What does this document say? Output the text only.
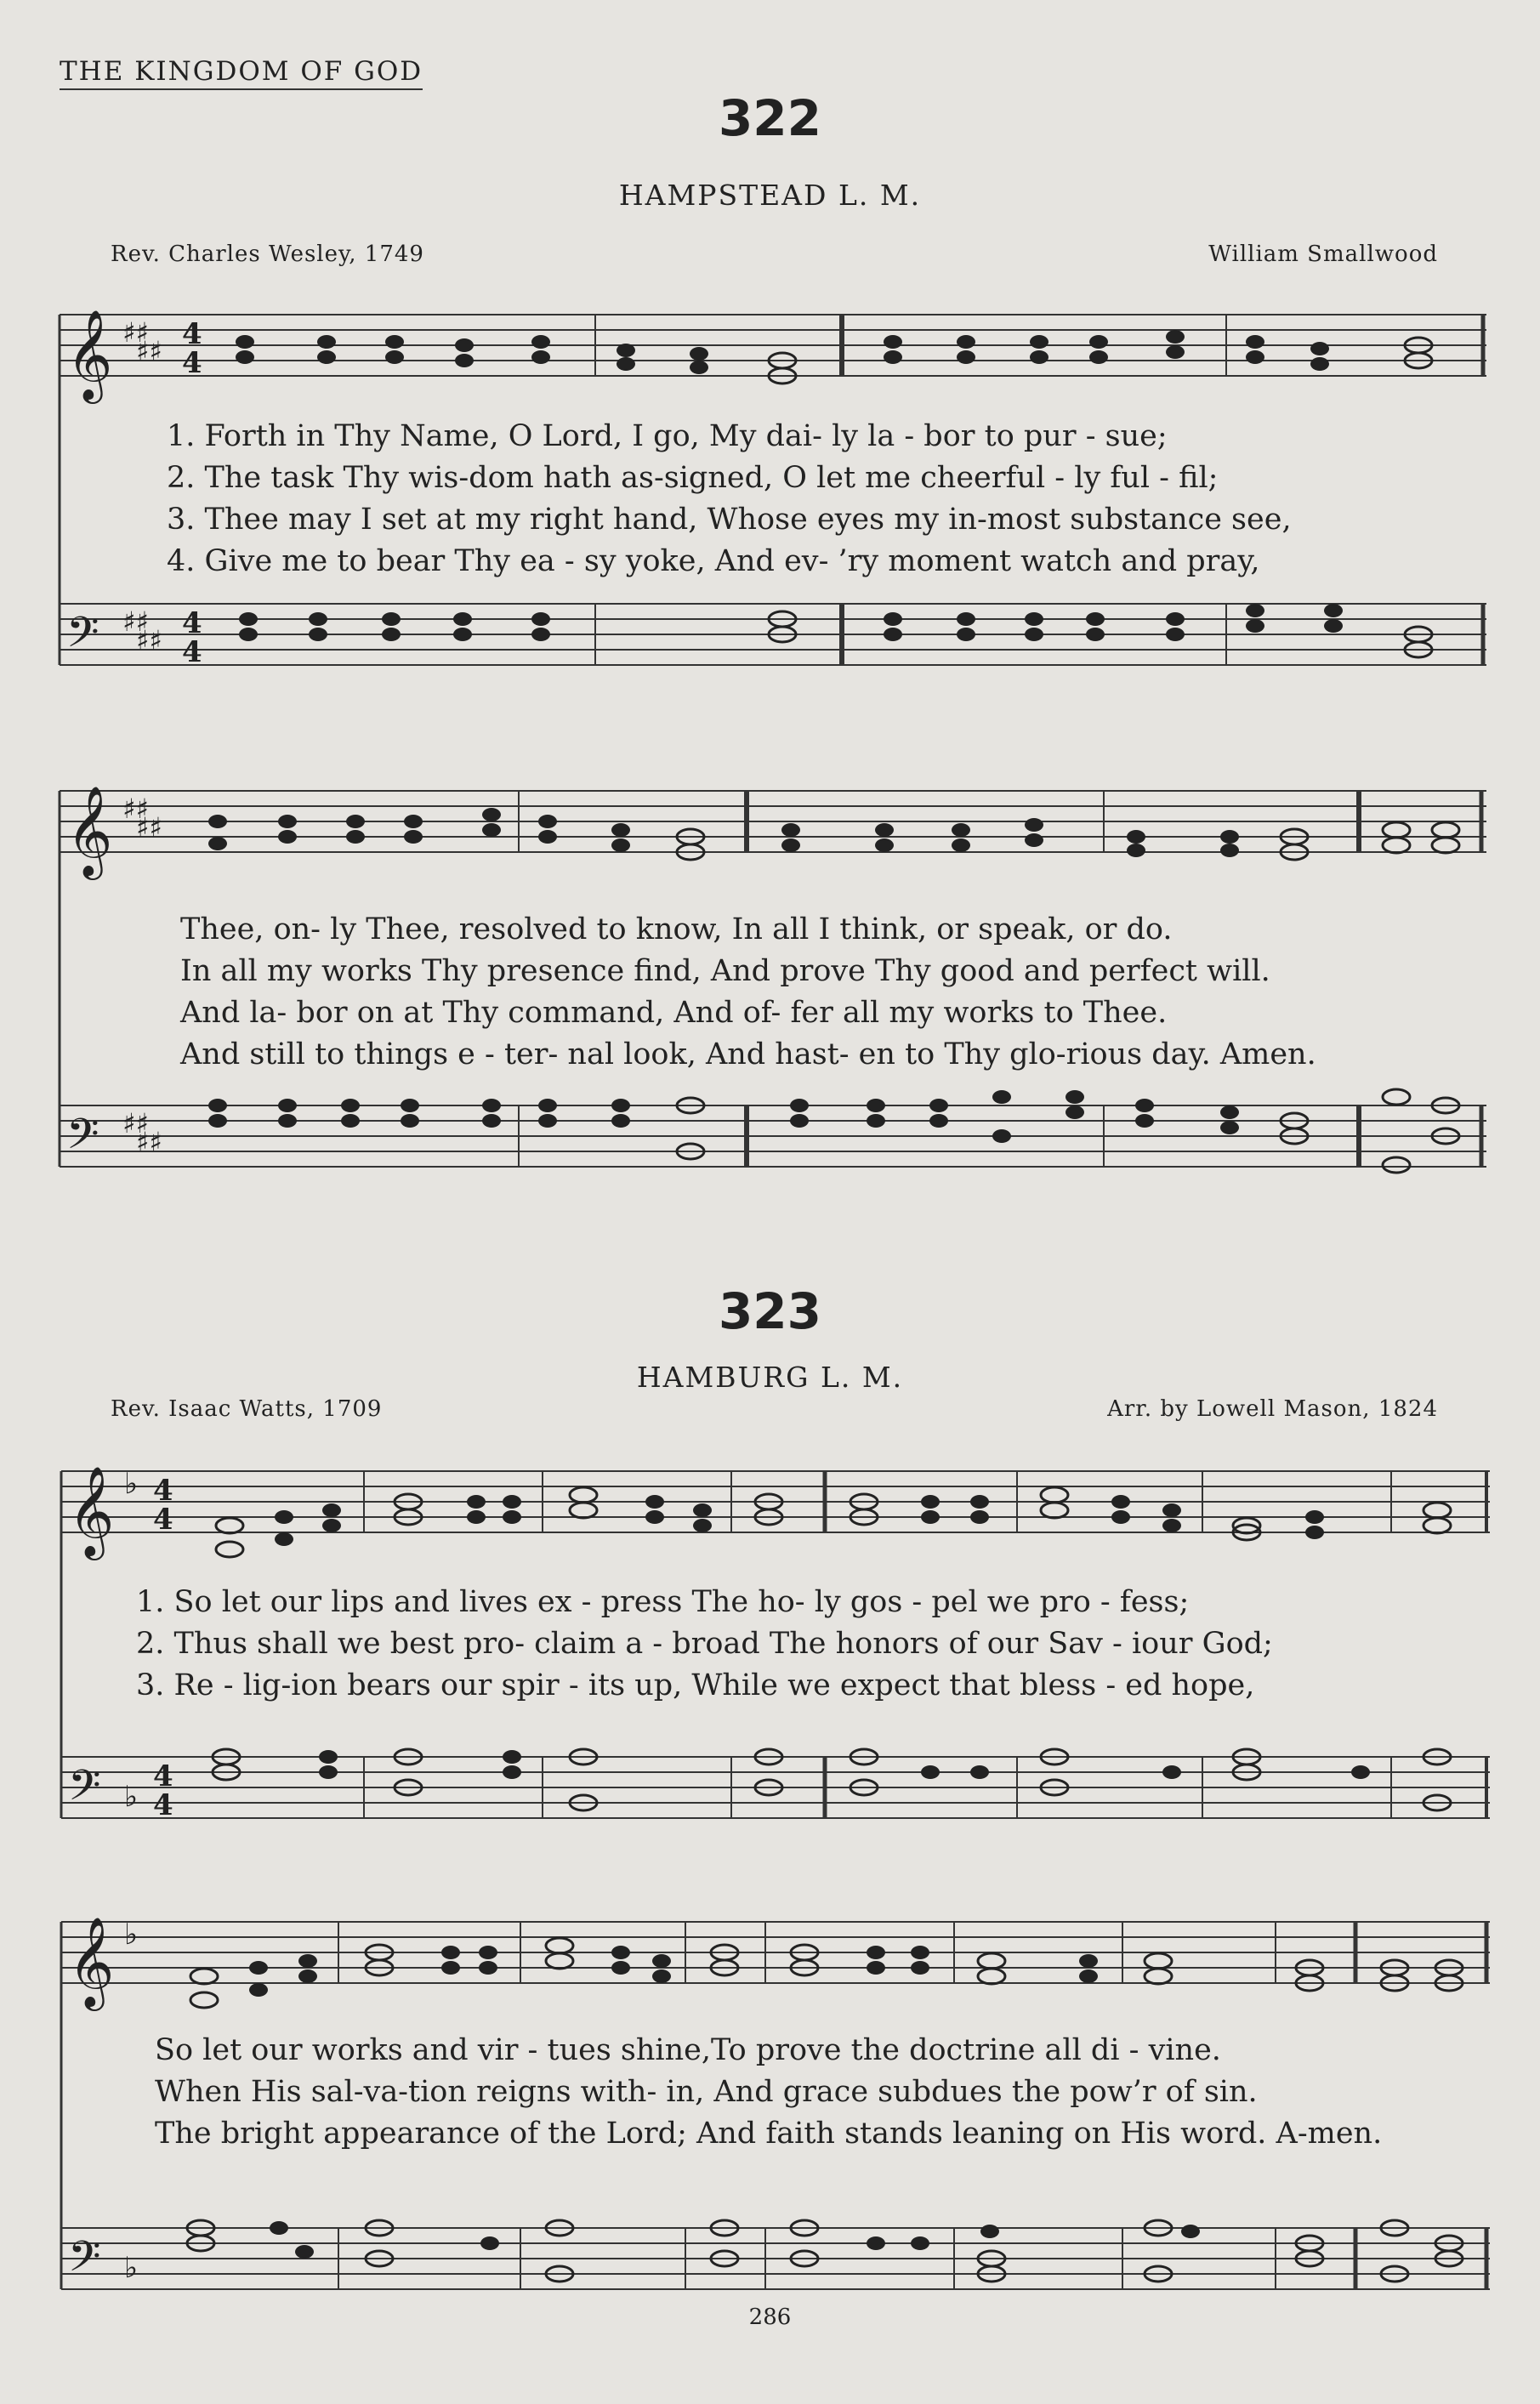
THE KINGDOM OF GOD
322
HAMPSTEAD L. M.
Rev. Charles Wesley, 1749	William Smallwood
𝄞
𝄢
♯♯
♯♯
♯♯
♯♯
4
4
4
4
1. Forth in Thy Name, O Lord, I go, My dai- ly la - bor to pur - sue;
2. The task Thy wis-dom hath as-signed, O let me cheerful - ly ful - fil;
3. Thee may I set at my right hand, Whose eyes my in-most substance see,
4. Give me to bear Thy ea - sy yoke, And ev- ’ry moment watch and pray,
𝄞
𝄢
♯♯
♯♯
♯♯
♯♯
Thee, on- ly Thee, resolved to know, In all I think, or speak, or do.
In all my works Thy presence find, And prove Thy good and perfect will.
And la- bor on at Thy command, And of- fer all my works to Thee.
And still to things e - ter- nal look, And hast- en to Thy glo-rious day. Amen.
323
HAMBURG L. M.
Rev. Isaac Watts, 1709	Arr. by Lowell Mason, 1824
𝄞
𝄢
♭
♭
4
4
4
4
1. So let our lips and lives ex - press The ho- ly gos - pel we pro - fess;
2. Thus shall we best pro- claim a - broad The honors of our Sav - iour God;
3. Re - lig-ion bears our spir - its up, While we expect that bless - ed hope,
𝄞
𝄢
♭
♭
So let our works and vir - tues shine,To prove the doctrine all di - vine.
When His sal-va-tion reigns with- in, And grace subdues the pow’r of sin.
The bright appearance of the Lord; And faith stands leaning on His word. A-men.
286
